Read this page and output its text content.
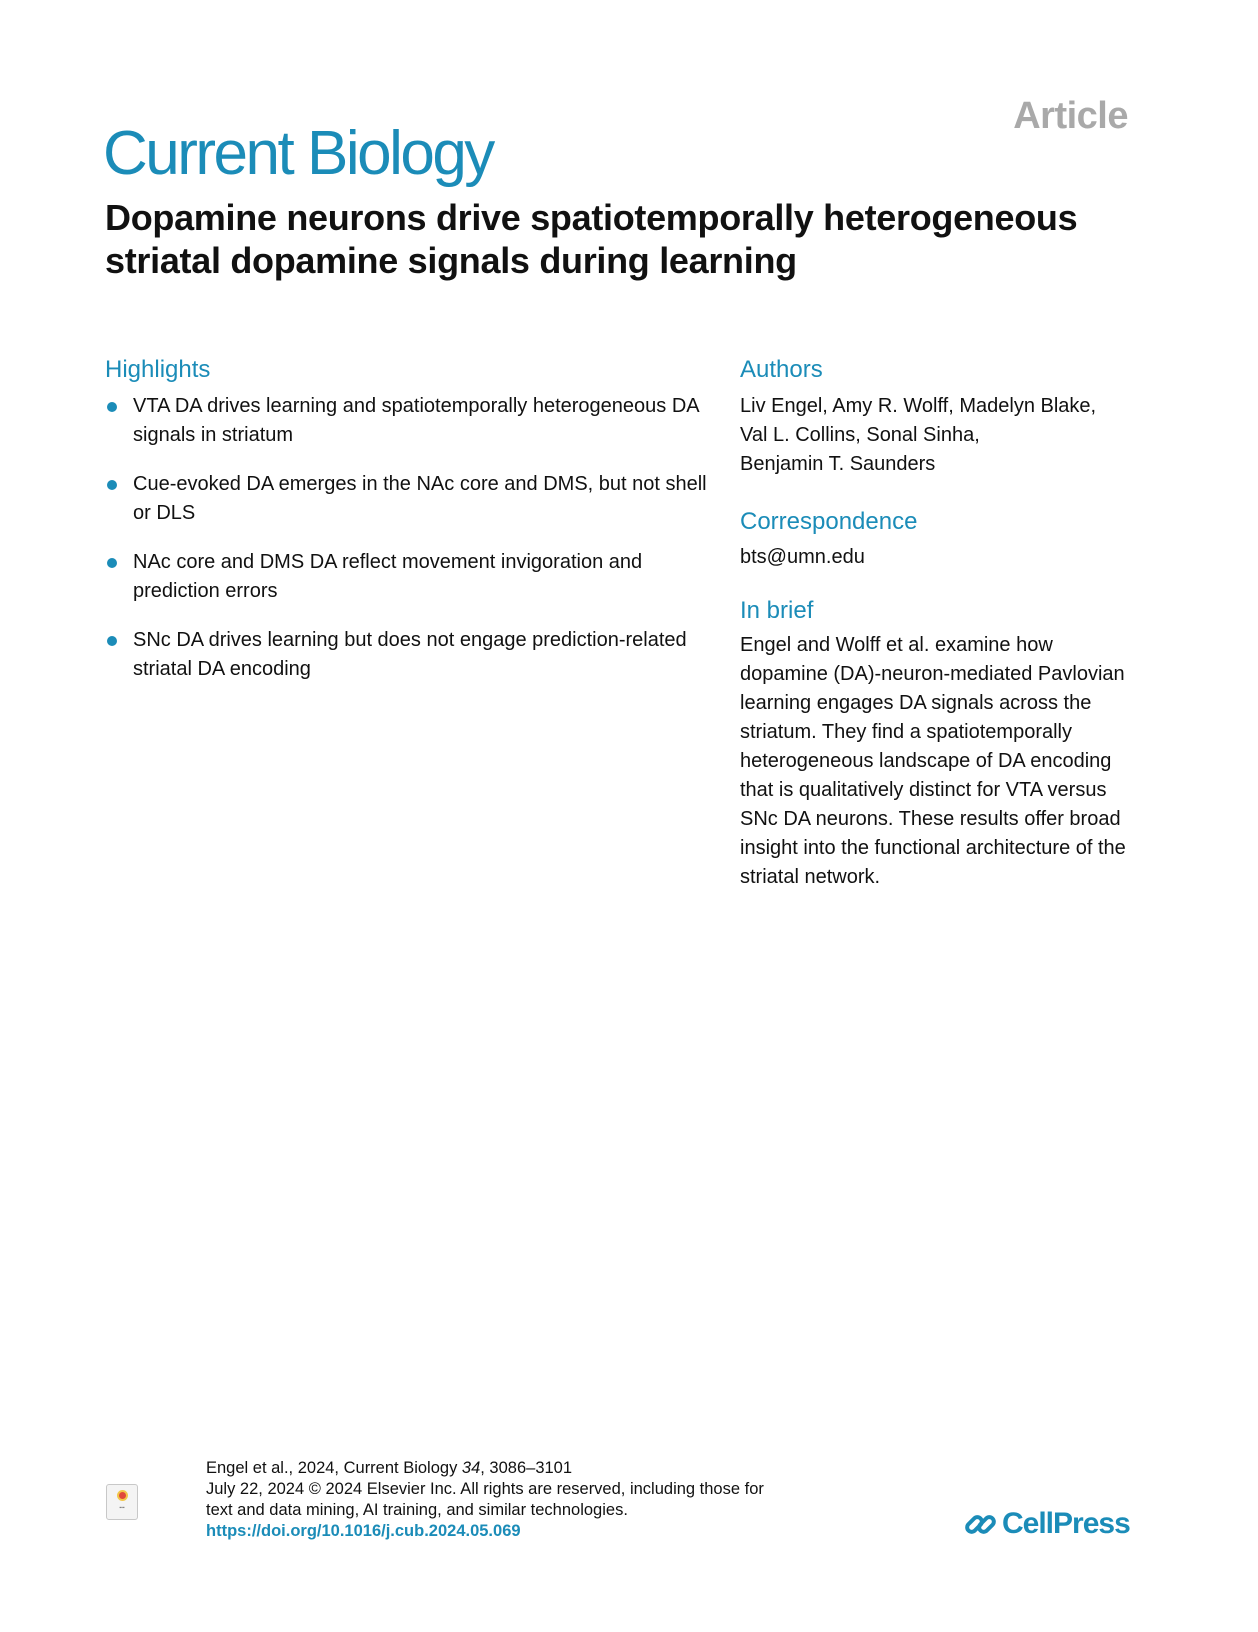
Article
Current Biology
Dopamine neurons drive spatiotemporally heterogeneous striatal dopamine signals during learning
Highlights
VTA DA drives learning and spatiotemporally heterogeneous DA signals in striatum
Cue-evoked DA emerges in the NAc core and DMS, but not shell or DLS
NAc core and DMS DA reflect movement invigoration and prediction errors
SNc DA drives learning but does not engage prediction-related striatal DA encoding
Authors
Liv Engel, Amy R. Wolff, Madelyn Blake,
Val L. Collins, Sonal Sinha,
Benjamin T. Saunders
Correspondence
bts@umn.edu
In brief

Engel and Wolff et al. examine how dopamine (DA)-neuron-mediated Pavlovian learning engages DA signals across the striatum. They find a spatiotemporally heterogeneous landscape of DA encoding that is qualitatively distinct for VTA versus SNc DA neurons. These results offer broad insight into the functional architecture of the striatal network.

▪▪▪

Engel et al., 2024, Current Biology 34, 3086–3101

July 22, 2024 © 2024 Elsevier Inc. All rights are reserved, including those for

text and data mining, AI training, and similar technologies.

https://doi.org/10.1016/j.cub.2024.05.069	CellPress
